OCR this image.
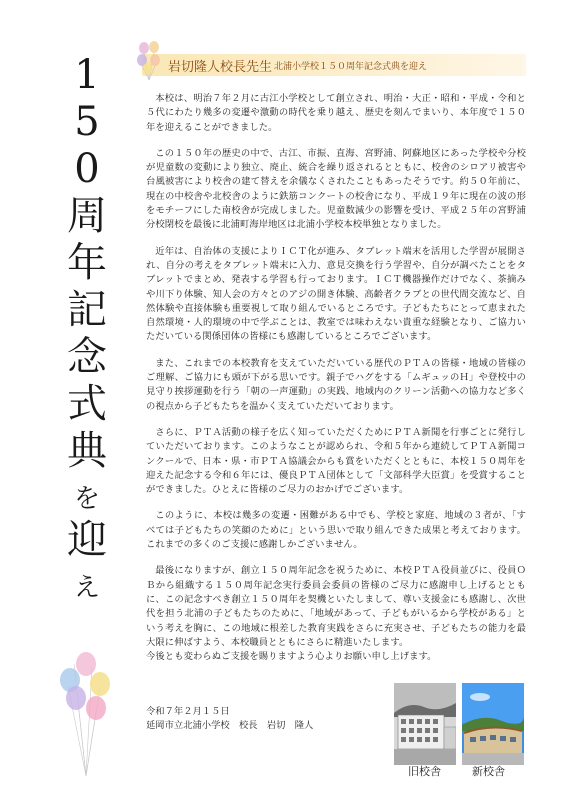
1
5
0
周
年
記
念
式
典
を
迎
え
岩切隆人校長先生 北浦小学校１５０周年記念式典を迎え

本校は、明治７年２月に古江小学校として創立され、明治・大正・昭和・平成・令和と５代にわたり幾多の変遷や激動の時代を乗り越え、歴史を刻んでまいり、本年度で１５０年を迎えることができました。

この１５０年の歴史の中で、古江、市振、直海、宮野浦、阿蘇地区にあった学校や分校が児童数の変動により独立、廃止、統合を繰り返されるとともに、校舎のシロアリ被害や台風被害により校舎の建て替えを余儀なくされたこともあったそうです。約５０年前に、現在の中校舎や北校舎のように鉄筋コンクートの校舎になり、平成１９年に現在の波の形をモチーフにした南校舎が完成しました。児童数減少の影響を受け、平成２５年の宮野浦分校閉校を最後に北浦町海岸地区は北浦小学校本校単独となりました。

近年は、自治体の支援によりＩＣＴ化が進み、タブレット端末を活用した学習が展開され、自分の考えをタブレット端末に入力、意見交換を行う学習や、自分が調べたことをタブレットでまとめ、発表する学習も行っております。ＩＣＴ機器操作だけでなく、茶摘みや川下り体験、知人会の方々とのアジの開き体験、高齢者クラブとの世代間交流など、自然体験や直接体験も重要視して取り組んでいるところです。子どもたちにとって恵まれた自然環境・人的環境の中で学ぶことは、教室では味わえない貴重な経験となり、ご協力いただいている関係団体の皆様にも感謝しているところでございます。

また、これまでの本校教育を支えていただいている歴代のＰＴＡの皆様・地域の皆様のご理解、ご協力にも頭が下がる思いです。親子でハグをする「ムギュッのＨ」や登校中の見守り挨拶運動を行う「朝の一声運動」の実践、地域内のクリーン活動への協力など多くの視点から子どもたちを温かく支えていただいております。

さらに、ＰＴＡ活動の様子を広く知っていただくためにＰＴＡ新聞を行事ごとに発行していただいております。このようなことが認められ、令和５年から連続してＰＴＡ新聞コンクールで、日本・県・市ＰＴＡ協議会からも賞をいただくとともに、本校１５０周年を迎えた記念する令和６年には、優良ＰＴＡ団体として「文部科学大臣賞」を受賞することができました。ひとえに皆様のご尽力のおかげでございます。

このように、本校は幾多の変遷・困難がある中でも、学校と家庭、地域の３者が、「すべては子どもたちの笑顔のために」という思いで取り組んできた成果と考えております。これまでの多くのご支援に感謝しかございません。

最後になりますが、創立１５０周年記念を祝うために、本校ＰＴＡ役員並びに、役員ＯＢから組織する１５０周年記念実行委員会委員の皆様のご尽力に感謝申し上げるとともに、この記念すべき創立１５０周年を契機といたしまして、尊い支援金にも感謝し、次世代を担う北浦の子どもたちのために、「地域があって、子どもがいるから学校がある」という考えを胸に、この地域に根差した教育実践をさらに充実させ、子どもたちの能力を最大限に伸ばすよう、本校職員とともにさらに精進いたします。
今後とも変わらぬご支援を賜りますよう心よりお願い申し上げます。

令和７年２月１５日
延岡市立北浦小学校　校長　岩切　隆人
旧校舎	新校舎
